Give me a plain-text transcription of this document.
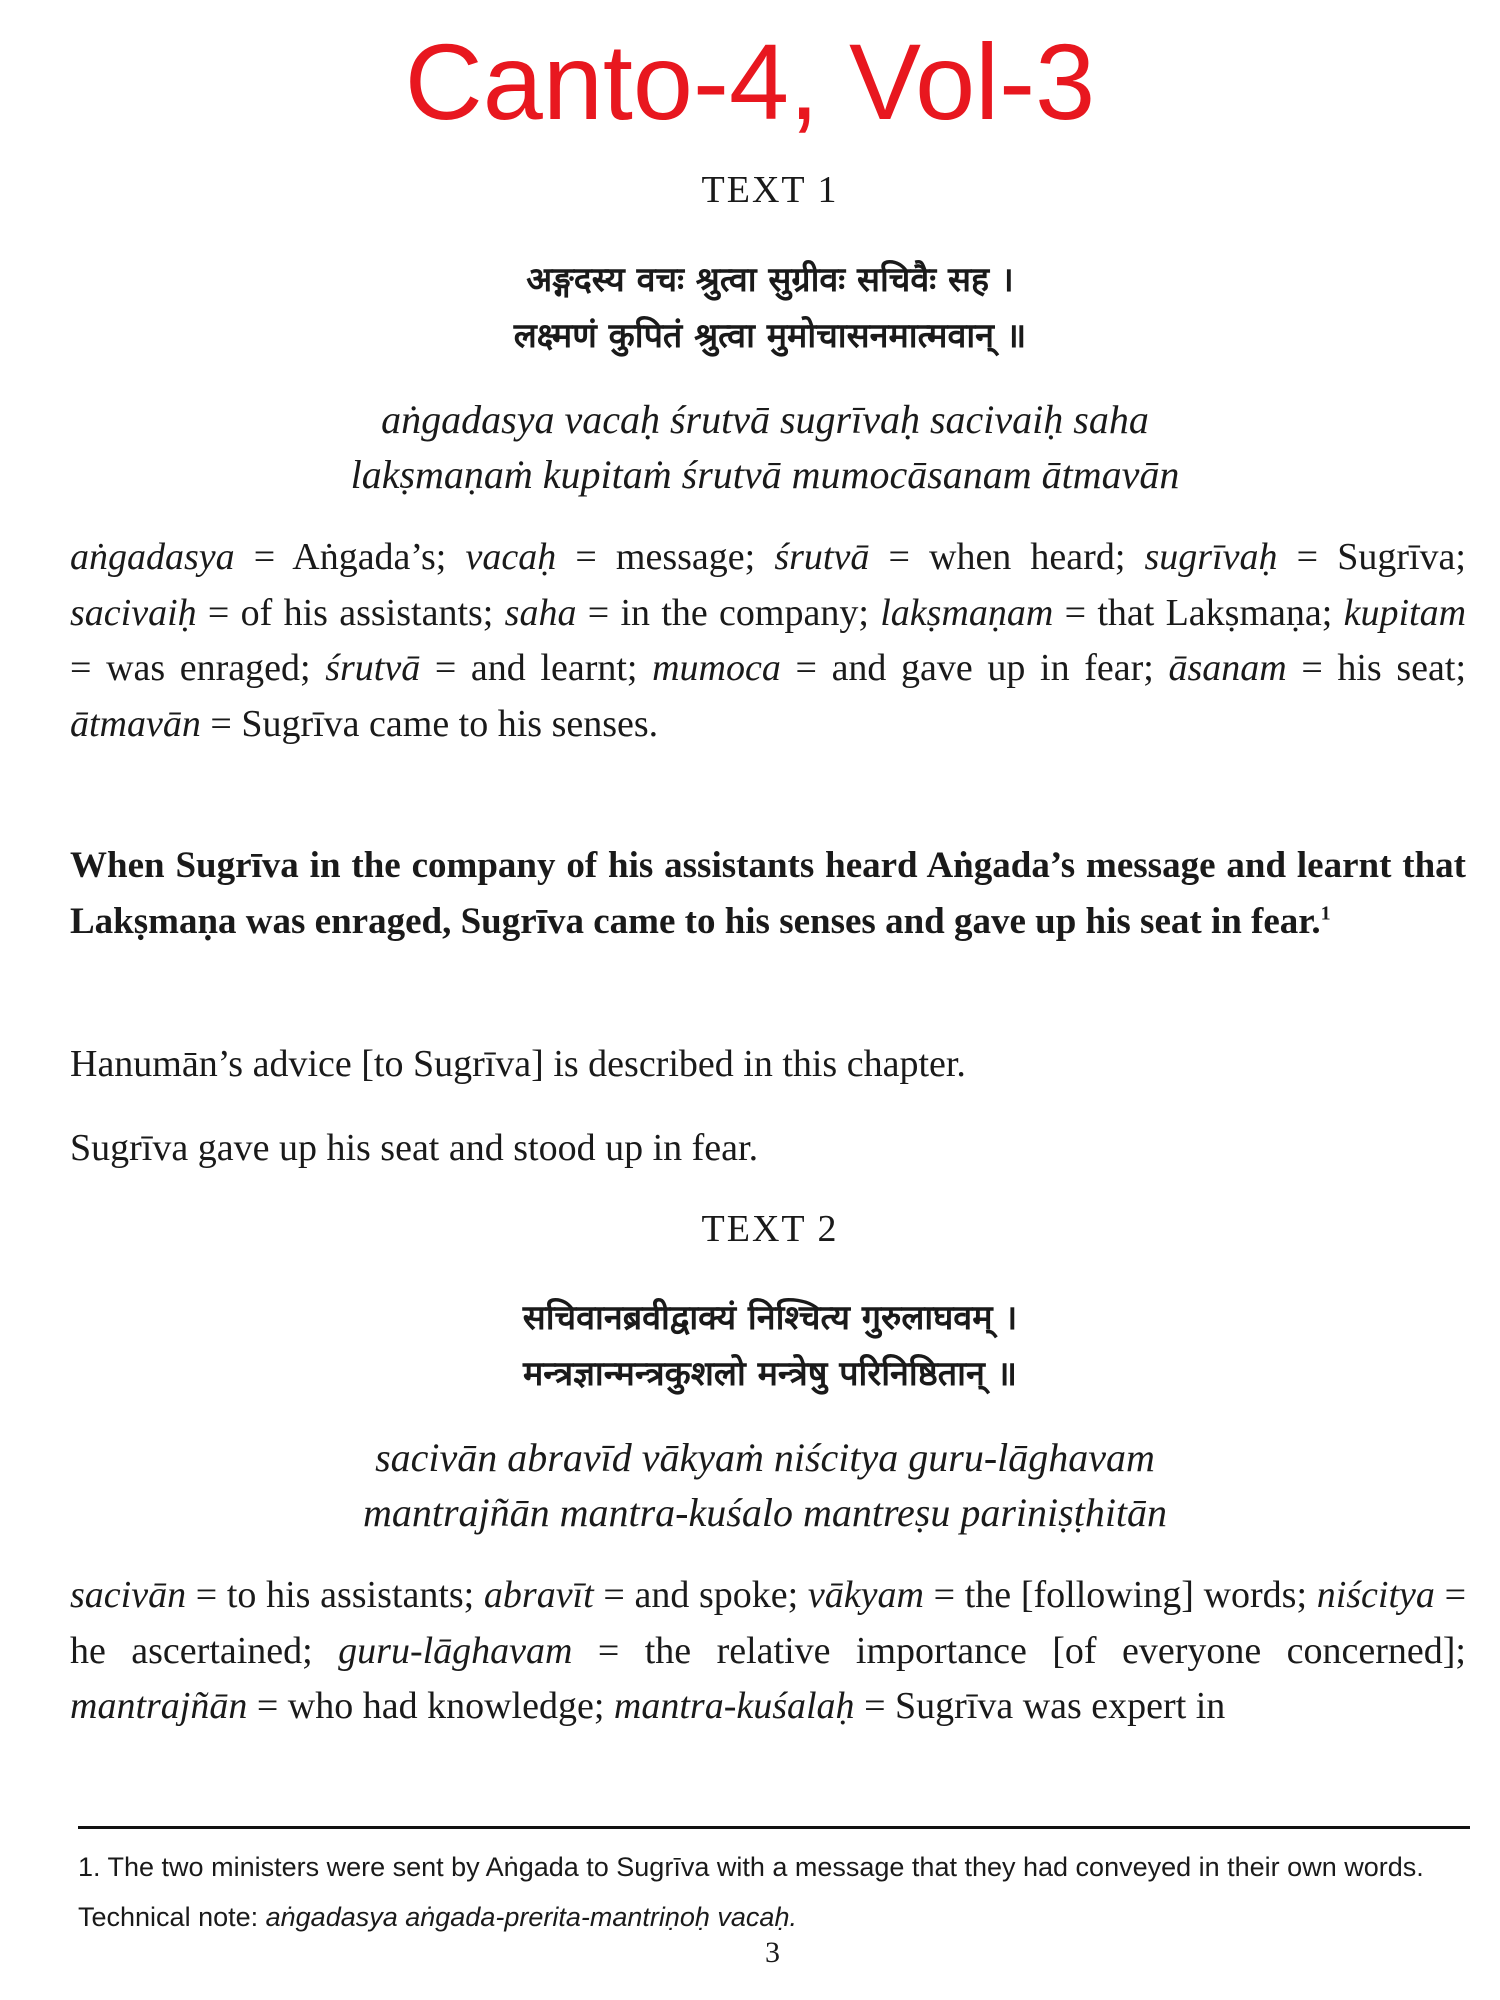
Canto-4, Vol-3
TEXT 1
अङ्गदस्य वचः श्रुत्वा सुग्रीवः सचिवैः सह ।
लक्ष्मणं कुपितं श्रुत्वा मुमोचासनमात्मवान् ॥
aṅgadasya vacaḥ śrutvā sugrīvaḥ sacivaiḥ saha
lakṣmaṇaṁ kupitaṁ śrutvā mumocāsanam ātmavān
aṅgadasya = Aṅgada’s; vacaḥ = message; śrutvā = when heard; sugrīvaḥ = Sugrīva; sacivaiḥ = of his assistants; saha = in the company; lakṣmaṇam = that Lakṣmaṇa; kupitam = was enraged; śrutvā = and learnt; mumoca = and gave up in fear; āsanam = his seat; ātmavān = Sugrīva came to his senses.
When Sugrīva in the company of his assistants heard Aṅgada’s message and learnt that Lakṣmaṇa was enraged, Sugrīva came to his senses and gave up his seat in fear.$^1$
Hanumān’s advice [to Sugrīva] is described in this chapter.
Sugrīva gave up his seat and stood up in fear.
TEXT 2
सचिवानब्रवीद्वाक्यं निश्चित्य गुरुलाघवम् ।
मन्त्रज्ञान्मन्त्रकुशलो मन्त्रेषु परिनिष्ठितान् ॥
sacivān abravīd vākyaṁ niścitya guru-lāghavam
mantrajñān mantra-kuśalo mantreṣu pariniṣṭhitān
sacivān = to his assistants; abravīt = and spoke; vākyam = the [following] words; niścitya = he ascertained; guru-lāghavam = the relative importance [of everyone concerned]; mantrajñān = who had knowledge; mantra-kuśalaḥ = Sugrīva was expert in
1. The two ministers were sent by Aṅgada to Sugrīva with a message that they had conveyed in their own words. Technical note: aṅgadasya aṅgada-prerita-mantriṇoḥ vacaḥ.
3
